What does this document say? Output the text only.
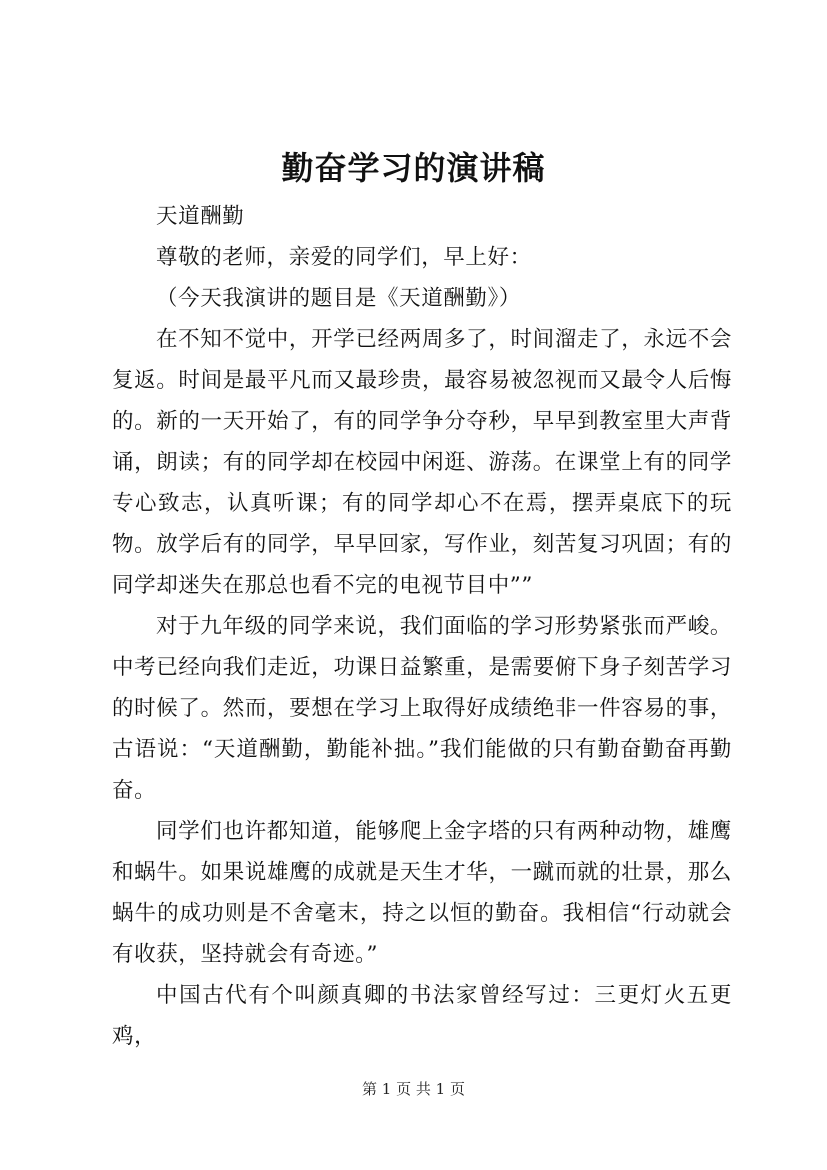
勤奋学习的演讲稿

天道酬勤

尊敬的老师，亲爱的同学们，早上好：

（今天我演讲的题目是《天道酬勤》）

在不知不觉中，开学已经两周多了，时间溜走了，永远不会复返。时间是最平凡而又最珍贵，最容易被忽视而又最令人后悔的。新的一天开始了，有的同学争分夺秒，早早到教室里大声背诵，朗读；有的同学却在校园中闲逛、游荡。在课堂上有的同学专心致志，认真听课；有的同学却心不在焉，摆弄桌底下的玩物。放学后有的同学，早早回家，写作业，刻苦复习巩固；有的同学却迷失在那总也看不完的电视节目中””

对于九年级的同学来说，我们面临的学习形势紧张而严峻。中考已经向我们走近，功课日益繁重，是需要俯下身子刻苦学习的时候了。然而，要想在学习上取得好成绩绝非一件容易的事，古语说：“天道酬勤，勤能补拙。”我们能做的只有勤奋勤奋再勤奋。

同学们也许都知道，能够爬上金字塔的只有两种动物，雄鹰和蜗牛。如果说雄鹰的成就是天生才华，一蹴而就的壮景，那么蜗牛的成功则是不舍毫末，持之以恒的勤奋。我相信“行动就会有收获，坚持就会有奇迹。”

中国古代有个叫颜真卿的书法家曾经写过：三更灯火五更鸡，

第 1 页 共 1 页
